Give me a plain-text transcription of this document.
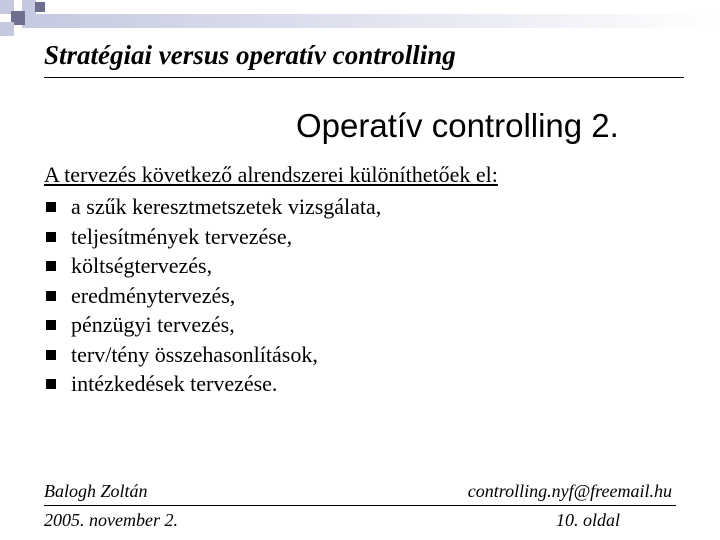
Stratégiai versus operatív controlling
Operatív controlling 2.
A tervezés következő alrendszerei különíthetőek el:
a szűk keresztmetszetek vizsgálata,
teljesítmények tervezése,
költségtervezés,
eredménytervezés,
pénzügyi tervezés,
terv/tény összehasonlítások,
intézkedések tervezése.
Balogh Zoltán	controlling.nyf@freemail.hu
2005. november 2.	10. oldal
